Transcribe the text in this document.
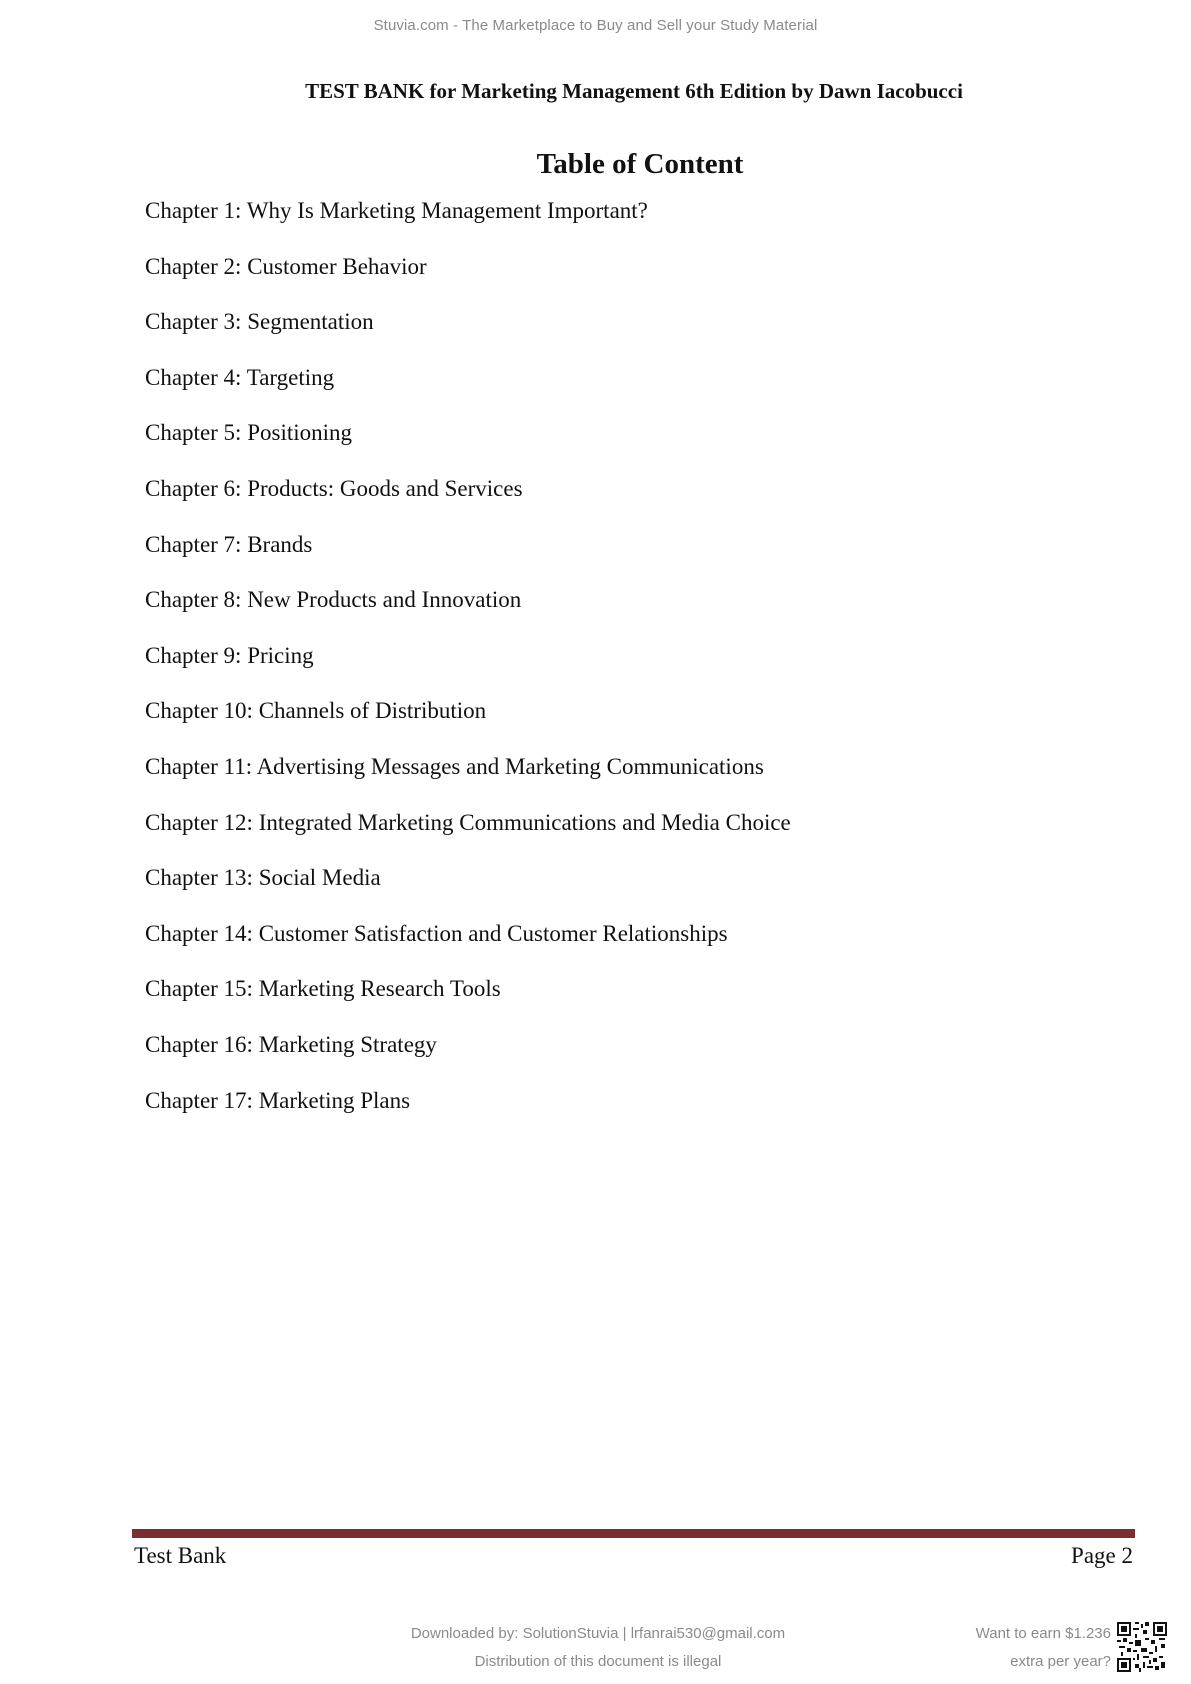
Stuvia.com - The Marketplace to Buy and Sell your Study Material
TEST BANK for Marketing Management 6th Edition by Dawn Iacobucci
Table of Content
Chapter 1: Why Is Marketing Management Important?
Chapter 2: Customer Behavior
Chapter 3: Segmentation
Chapter 4: Targeting
Chapter 5: Positioning
Chapter 6: Products: Goods and Services
Chapter 7: Brands
Chapter 8: New Products and Innovation
Chapter 9: Pricing
Chapter 10: Channels of Distribution
Chapter 11: Advertising Messages and Marketing Communications
Chapter 12: Integrated Marketing Communications and Media Choice
Chapter 13: Social Media
Chapter 14: Customer Satisfaction and Customer Relationships
Chapter 15: Marketing Research Tools
Chapter 16: Marketing Strategy
Chapter 17: Marketing Plans
Test Bank	Page 2
Downloaded by: SolutionStuvia | lrfanrai530@gmail.com
Distribution of this document is illegal
Want to earn $1.236
extra per year?
